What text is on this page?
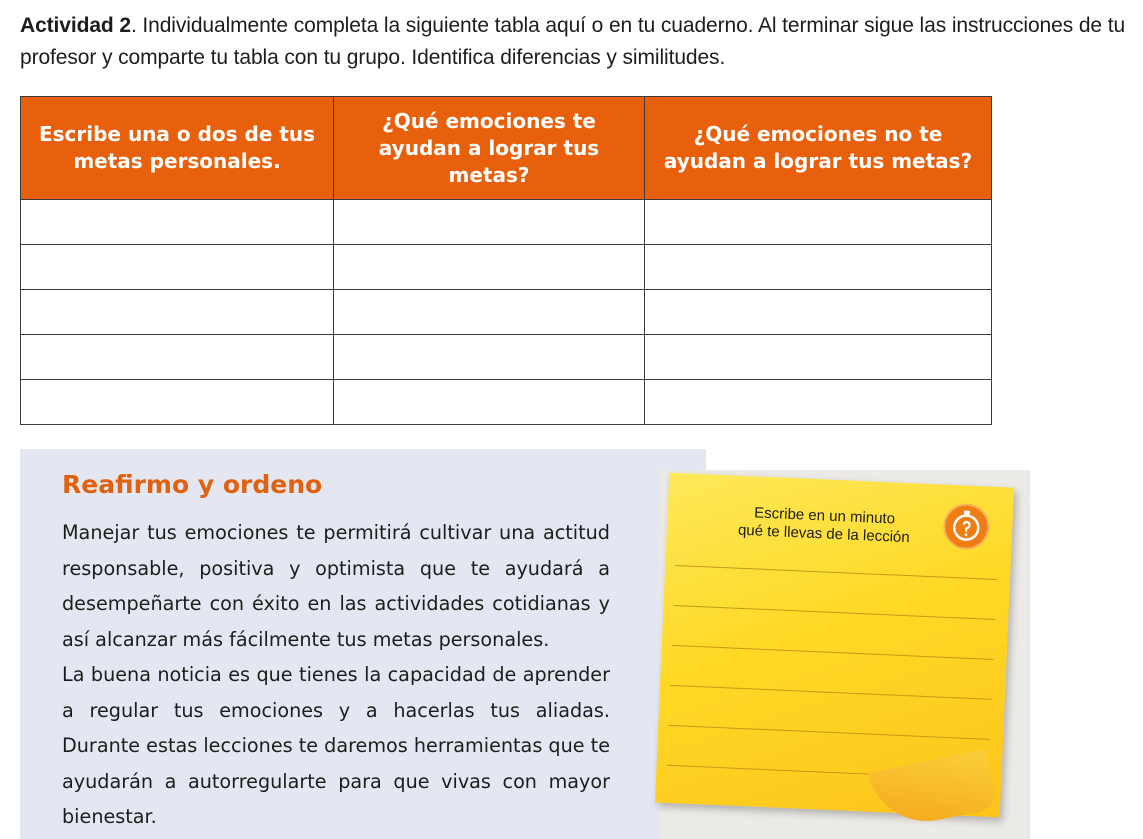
Actividad 2. Individualmente completa la siguiente tabla aquí o en tu cuaderno. Al terminar sigue las instrucciones de tu profesor y comparte tu tabla con tu grupo. Identifica diferencias y similitudes.
Escribe una o dos de tus metas personales.	¿Qué emociones te ayudan a lograr tus metas?	¿Qué emociones no te ayudan a lograr tus metas?

Reafirmo y ordeno

Manejar tus emociones te permitirá cultivar una actitud responsable, positiva y optimista que te ayudará a desempeñarte con éxito en las actividades cotidianas y así alcanzar más fácilmente tus metas personales.

La buena noticia es que tienes la capacidad de aprender a regular tus emociones y a hacerlas tus aliadas. Durante estas lecciones te daremos herramientas que te ayudarán a autorregularte para que vivas con mayor bienestar.

Escribe en un minuto
qué te llevas de la lección
